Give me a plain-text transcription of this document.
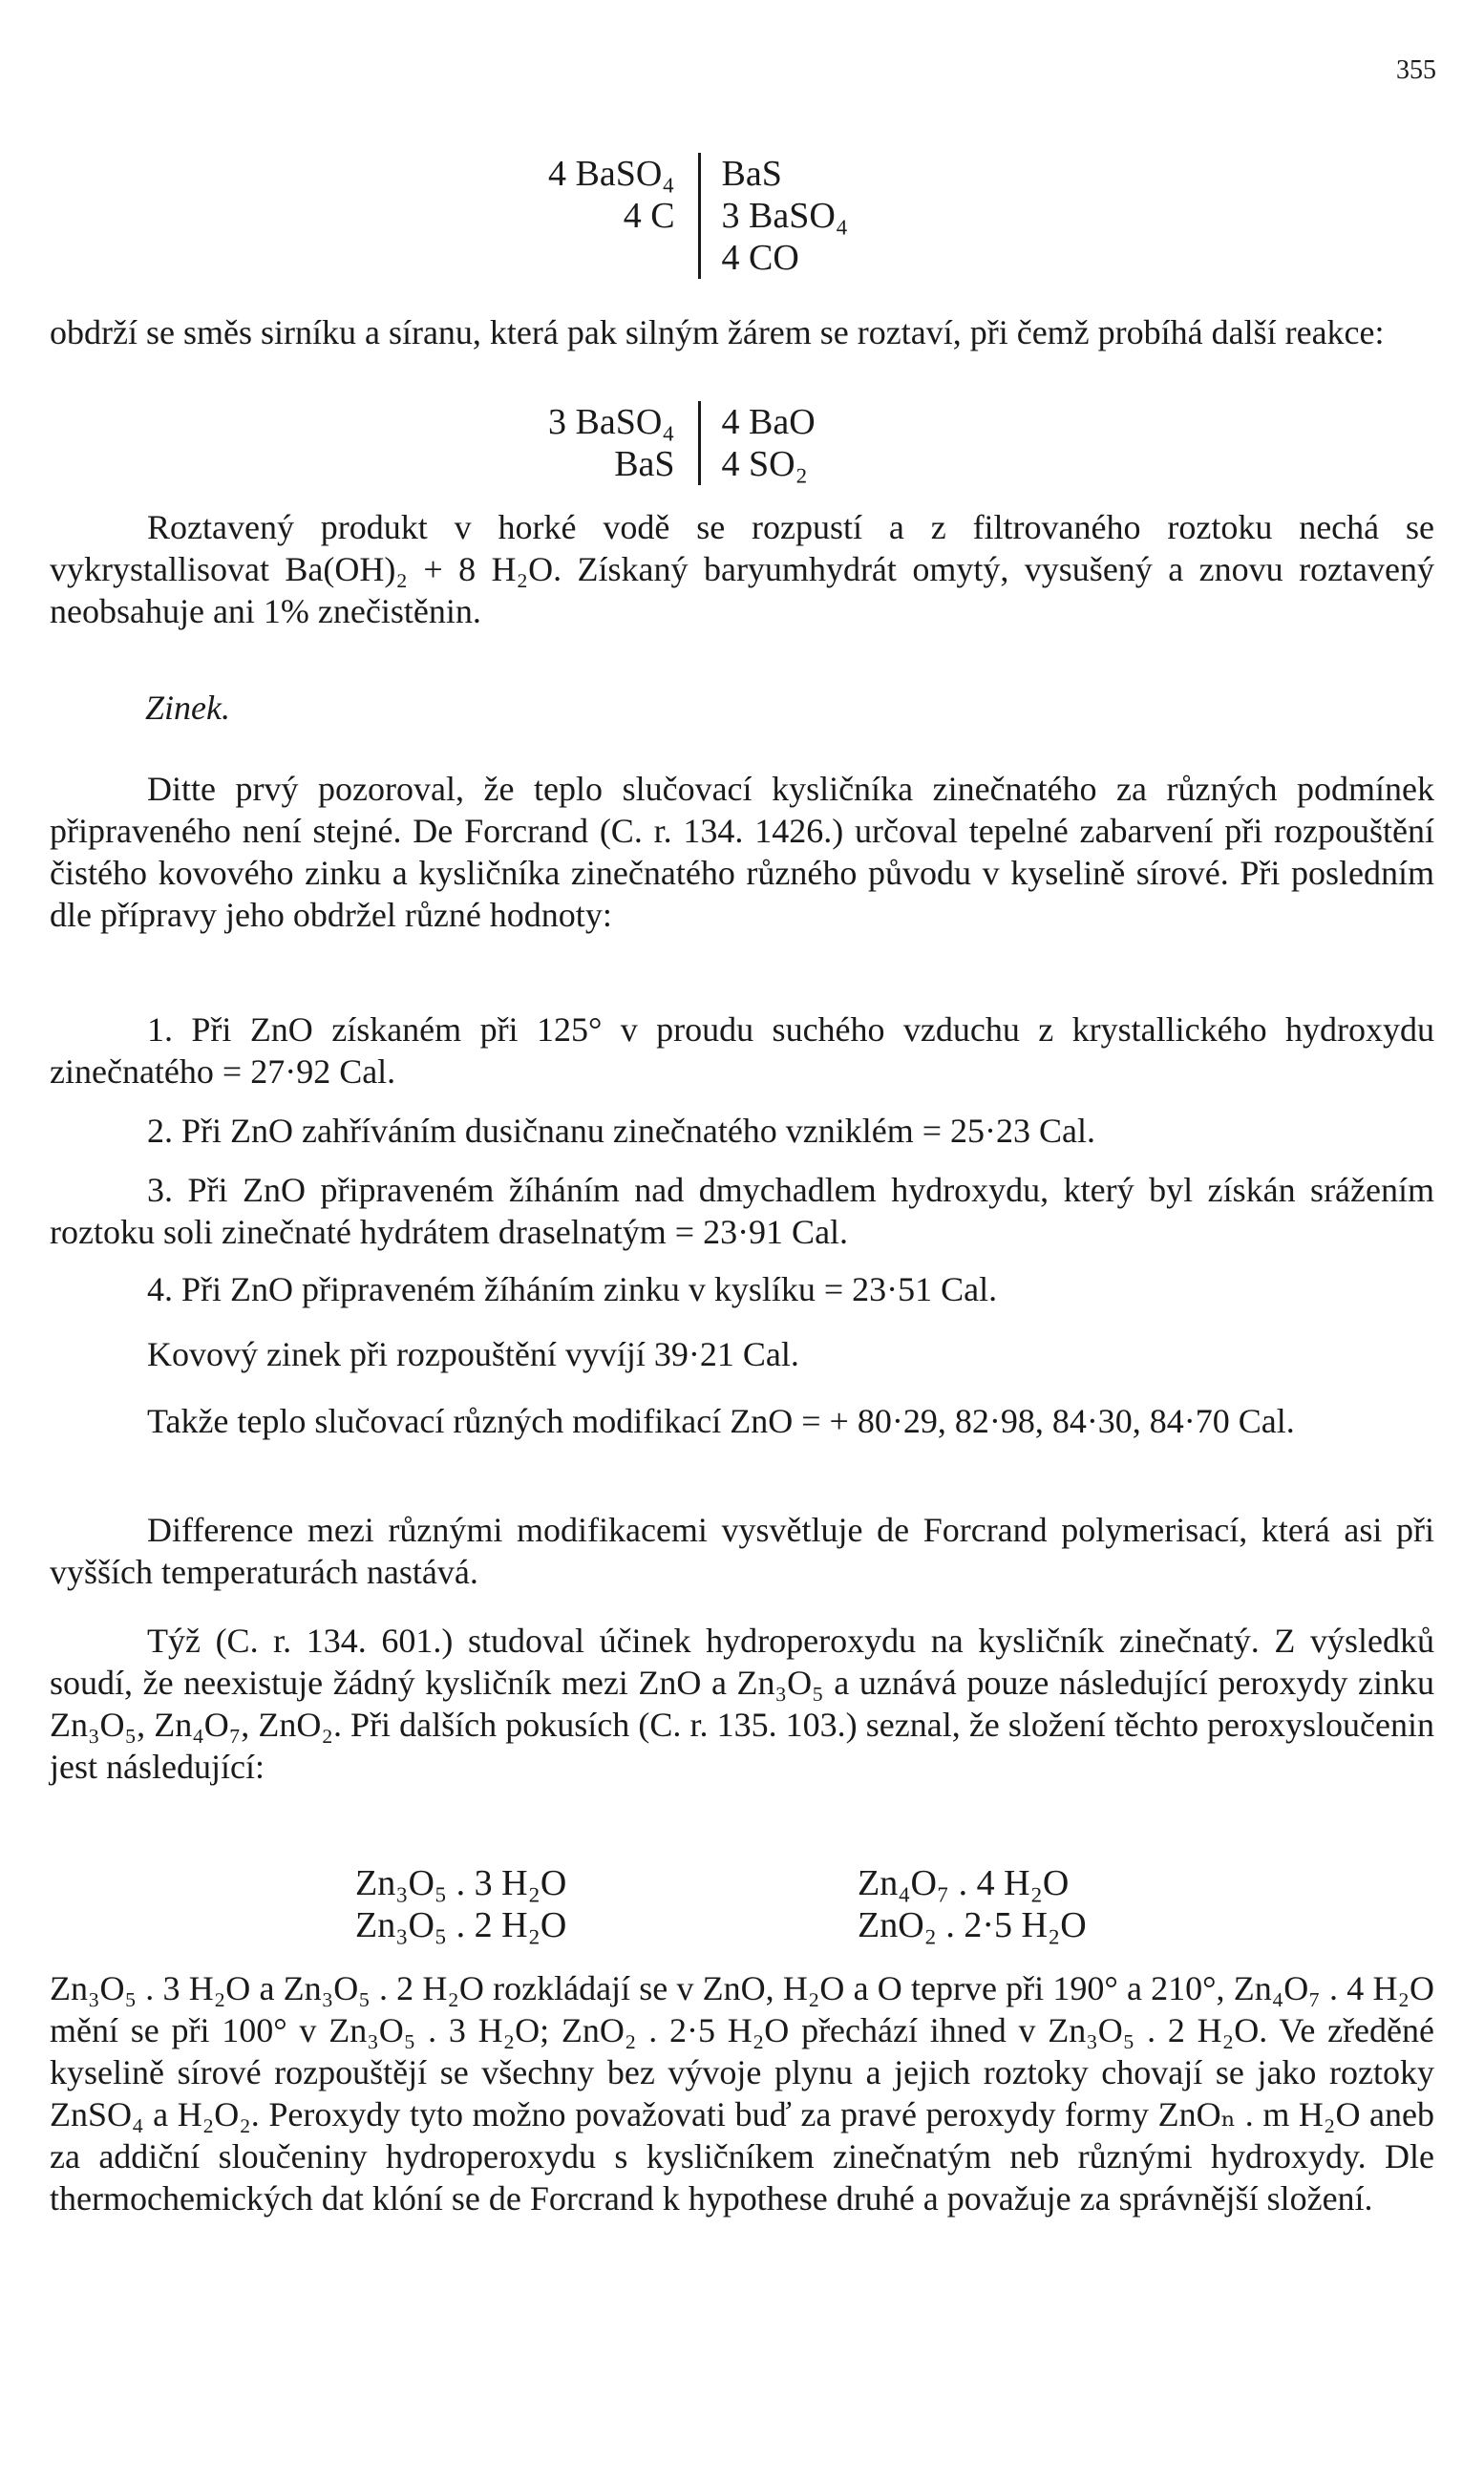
355
4 BaSO₄
4 C
BaS
3 BaSO₄
4 CO

obdrží se směs sirníku a síranu, která pak silným žárem se roztaví, při čemž probíhá další reakce:

3 BaSO₄
BaS
4 BaO
4 SO₂

Roztavený produkt v horké vodě se rozpustí a z filtrovaného roztoku nechá se vykrystallisovat Ba(OH)₂ + 8 H₂O. Získaný baryumhydrát omytý, vysušený a znovu roztavený neobsahuje ani 1% znečistěnin.

Zinek.

Ditte prvý pozoroval, že teplo slučovací kysličníka zinečnatého za různých podmínek připraveného není stejné. De Forcrand (C. r. 134. 1426.) určoval tepelné zabarvení při rozpouštění čistého kovového zinku a kysličníka zinečnatého různého původu v kyselině sírové. Při posledním dle přípravy jeho obdržel různé hodnoty:

1. Při ZnO získaném při 125° v proudu suchého vzduchu z krystallického hydroxydu zinečnatého = 27·92 Cal.

2. Při ZnO zahříváním dusičnanu zinečnatého vzniklém = 25·23 Cal.

3. Při ZnO připraveném žíháním nad dmychadlem hydroxydu, který byl získán srážením roztoku soli zinečnaté hydrátem draselnatým = 23·91 Cal.

4. Při ZnO připraveném žíháním zinku v kyslíku = 23·51 Cal.

Kovový zinek při rozpouštění vyvíjí 39·21 Cal.

Takže teplo slučovací různých modifikací ZnO = + 80·29, 82·98, 84·30, 84·70 Cal.

Difference mezi různými modifikacemi vysvětluje de Forcrand polymerisací, která asi při vyšších temperaturách nastává.

Týž (C. r. 134. 601.) studoval účinek hydroperoxydu na kysličník zinečnatý. Z výsledků soudí, že neexistuje žádný kysličník mezi ZnO a Zn₃O₅ a uznává pouze následující peroxydy zinku Zn₃O₅, Zn₄O₇, ZnO₂. Při dalších pokusích (C. r. 135. 103.) seznal, že složení těchto peroxysloučenin jest následující:

Zn₃O₅ . 3 H₂O
Zn₃O₅ . 2 H₂O
Zn₄O₇ . 4 H₂O
ZnO₂ . 2·5 H₂O

Zn₃O₅ . 3 H₂O a Zn₃O₅ . 2 H₂O rozkládají se v ZnO, H₂O a O teprve při 190° a 210°, Zn₄O₇ . 4 H₂O mění se při 100° v Zn₃O₅ . 3 H₂O; ZnO₂ . 2·5 H₂O přechází ihned v Zn₃O₅ . 2 H₂O. Ve zředěné kyselině sírové rozpouštějí se všechny bez vývoje plynu a jejich roztoky chovají se jako roztoky ZnSO₄ a H₂O₂. Peroxydy tyto možno považovati buď za pravé peroxydy formy ZnOₙ . m H₂O aneb za addiční sloučeniny hydroperoxydu s kysličníkem zinečnatým neb různými hydroxydy. Dle thermochemických dat klóní se de Forcrand k hypothese druhé a považuje za správnější složení.
